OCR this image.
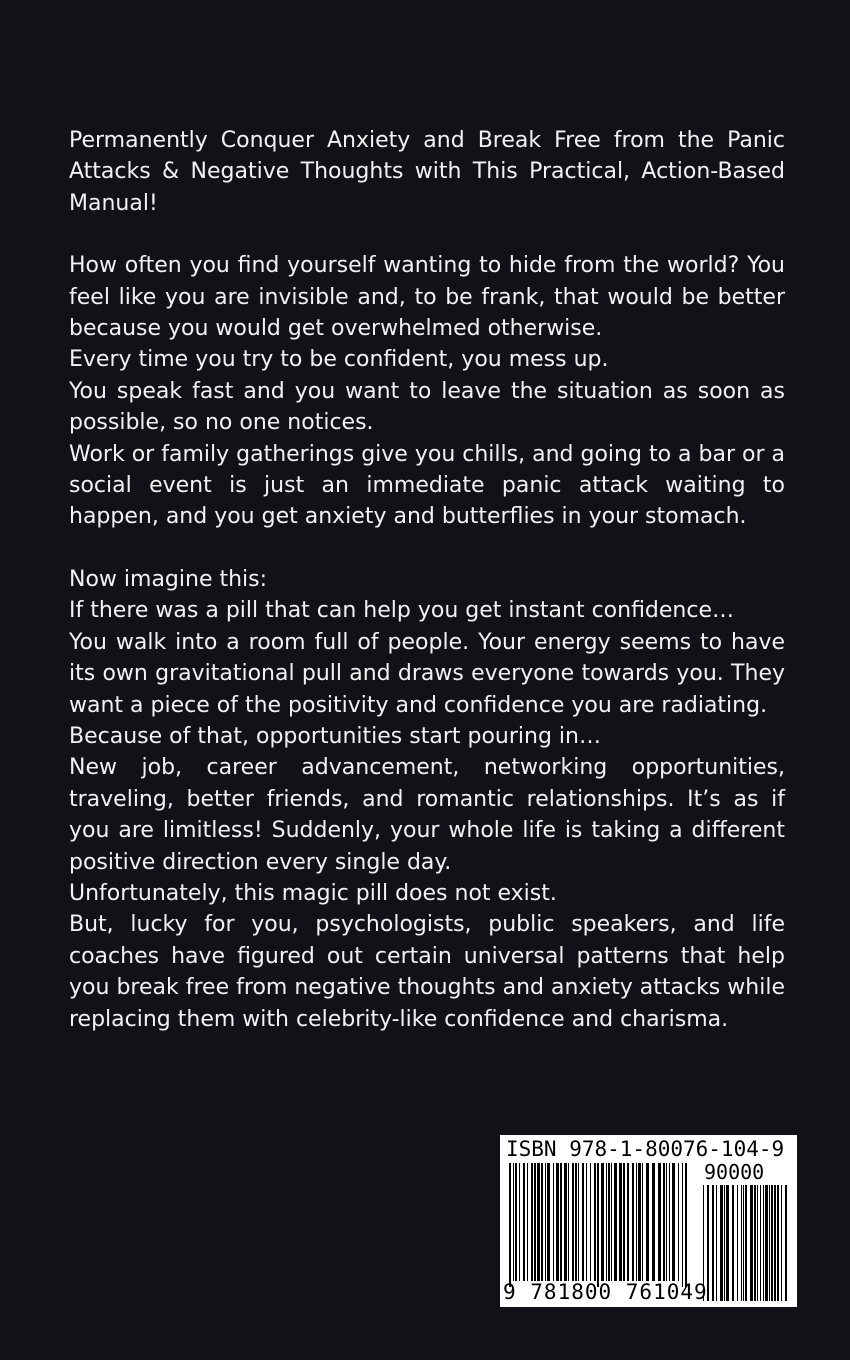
Permanently Conquer Anxiety and Break Free from the Panic Attacks & Negative Thoughts with This Practical, Action-Based Manual!

How often you find yourself wanting to hide from the world? You feel like you are invisible and, to be frank, that would be better because you would get overwhelmed otherwise.

Every time you try to be confident, you mess up.

You speak fast and you want to leave the situation as soon as possible, so no one notices.

Work or family gatherings give you chills, and going to a bar or a social event is just an immediate panic attack waiting to happen, and you get anxiety and butterflies in your stomach.

Now imagine this:

If there was a pill that can help you get instant confidence…

You walk into a room full of people. Your energy seems to have its own gravitational pull and draws everyone towards you. They want a piece of the positivity and confidence you are radiating.

Because of that, opportunities start pouring in…

New job, career advancement, networking opportunities, traveling, better friends, and romantic relationships. It’s as if you are limitless! Suddenly, your whole life is taking a different positive direction every single day.

Unfortunately, this magic pill does not exist.

But, lucky for you, psychologists, public speakers, and life coaches have figured out certain universal patterns that help you break free from negative thoughts and anxiety attacks while replacing them with celebrity-like confidence and charisma.

ISBN 978-1-80076-104-9
90000
9 781800 761049
